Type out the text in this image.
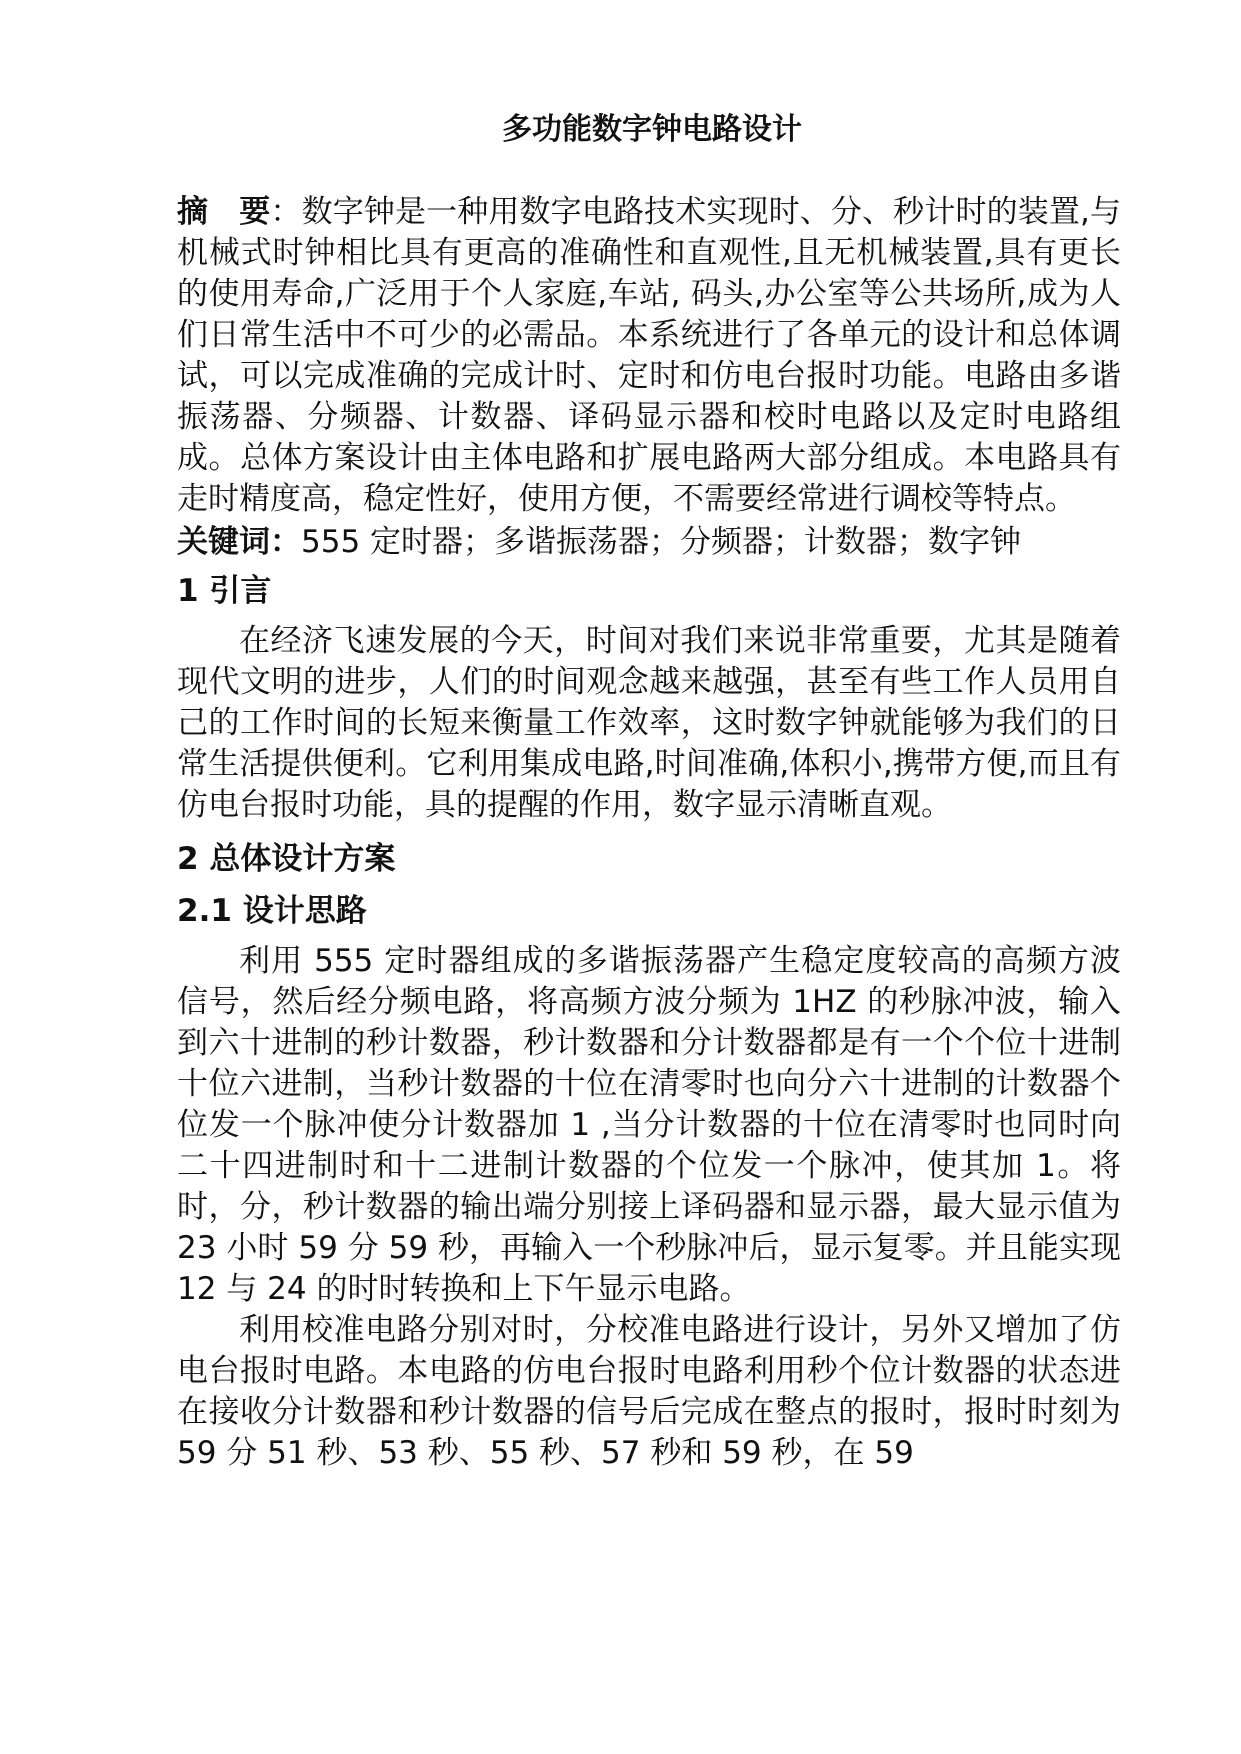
多功能数字钟电路设计

摘　要：数字钟是一种用数字电路技术实现时、分、秒计时的装置,与机械式时钟相比具有更高的准确性和直观性,且无机械装置,具有更长的使用寿命,广泛用于个人家庭,车站, 码头,办公室等公共场所,成为人们日常生活中不可少的必需品。本系统进行了各单元的设计和总体调试，可以完成准确的完成计时、定时和仿电台报时功能。电路由多谐振荡器、分频器、计数器、译码显示器和校时电路以及定时电路组成。总体方案设计由主体电路和扩展电路两大部分组成。本电路具有走时精度高，稳定性好，使用方便，不需要经常进行调校等特点。

关键词：555 定时器；多谐振荡器；分频器；计数器；数字钟

1 引言

在经济飞速发展的今天，时间对我们来说非常重要，尤其是随着现代文明的进步，人们的时间观念越来越强，甚至有些工作人员用自己的工作时间的长短来衡量工作效率，这时数字钟就能够为我们的日常生活提供便利。它利用集成电路,时间准确,体积小,携带方便,而且有仿电台报时功能，具的提醒的作用，数字显示清晰直观。

2 总体设计方案
2.1 设计思路

利用 555 定时器组成的多谐振荡器产生稳定度较高的高频方波信号，然后经分频电路，将高频方波分频为 1HZ 的秒脉冲波，输入到六十进制的秒计数器，秒计数器和分计数器都是有一个个位十进制十位六进制，当秒计数器的十位在清零时也向分六十进制的计数器个位发一个脉冲使分计数器加 1 ,当分计数器的十位在清零时也同时向二十四进制时和十二进制计数器的个位发一个脉冲，使其加 1。将时，分，秒计数器的输出端分别接上译码器和显示器，最大显示值为 23 小时 59 分 59 秒，再输入一个秒脉冲后，显示复零。并且能实现 12 与 24 的时时转换和上下午显示电路。

利用校准电路分别对时，分校准电路进行设计，另外又增加了仿电台报时电路。本电路的仿电台报时电路利用秒个位计数器的状态进在接收分计数器和秒计数器的信号后完成在整点的报时，报时时刻为 59 分 51 秒、53 秒、55 秒、57 秒和 59 秒，在 59
